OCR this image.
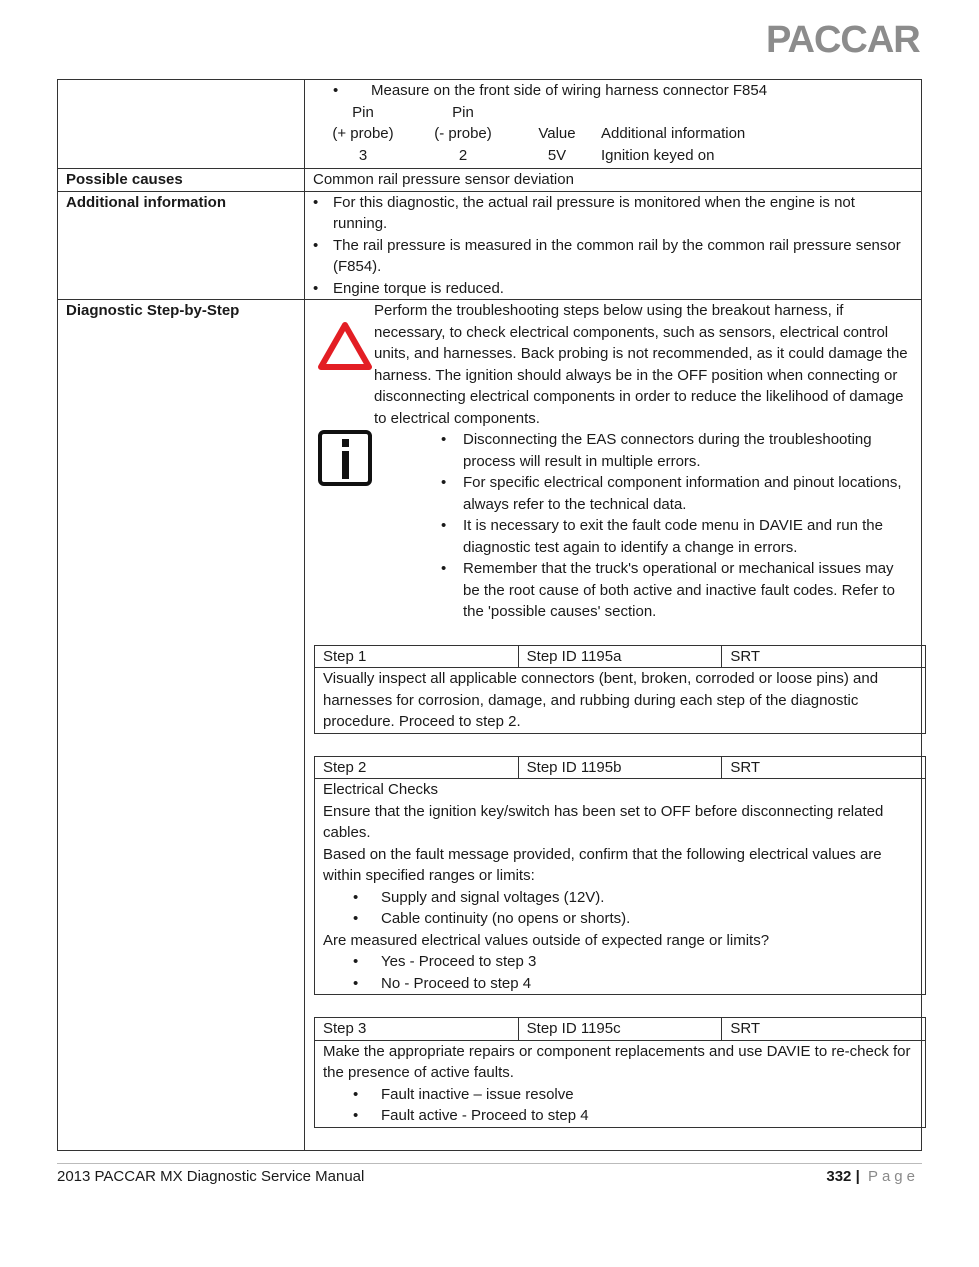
PACCAR

•	Measure on the front side of wiring harness connector F854
Pin	Pin
(+ probe)	(- probe)	Value	Additional information
3	2	5V	Ignition keyed on

Possible causes	Common rail pressure sensor deviation
Additional information	• For this diagnostic, the actual rail pressure is monitored when the engine is not running.
• The rail pressure is measured in the common rail by the common rail pressure sensor (F854).
• Engine torque is reduced.

Diagnostic Step-by-Step	Perform the troubleshooting steps below using the breakout harness, if necessary, to check electrical components, such as sensors, electrical control units, and harnesses. Back probing is not recommended, as it could damage the harness. The ignition should always be in the OFF position when connecting or disconnecting electrical components in order to reduce the likelihood of damage to electrical components.
•	Disconnecting the EAS connectors during the troubleshooting process will result in multiple errors.
•	For specific electrical component information and pinout locations, always refer to the technical data.
•	It is necessary to exit the fault code menu in DAVIE and run the diagnostic test again to identify a change in errors.
•	Remember that the truck's operational or mechanical issues may be the root cause of both active and inactive fault codes. Refer to the 'possible causes' section.
Step 1	Step ID 1195a	SRT
Visually inspect all applicable connectors (bent, broken, corroded or loose pins) and harnesses for corrosion, damage, and rubbing during each step of the diagnostic procedure. Proceed to step 2.
Step 2	Step ID 1195b	SRT

Electrical Checks
Ensure that the ignition key/switch has been set to OFF before disconnecting related cables.
Based on the fault message provided, confirm that the following electrical values are within specified ranges or limits:
•	Supply and signal voltages (12V).
•	Cable continuity (no opens or shorts).
Are measured electrical values outside of expected range or limits?
•	Yes - Proceed to step 3
•	No - Proceed to step 4
Step 3	Step ID 1195c	SRT

Make the appropriate repairs or component replacements and use DAVIE to re-check for the presence of active faults.
•	Fault inactive – issue resolve
•	Fault active - Proceed to step 4
2013 PACCAR MX Diagnostic Service Manual	332 | Page
